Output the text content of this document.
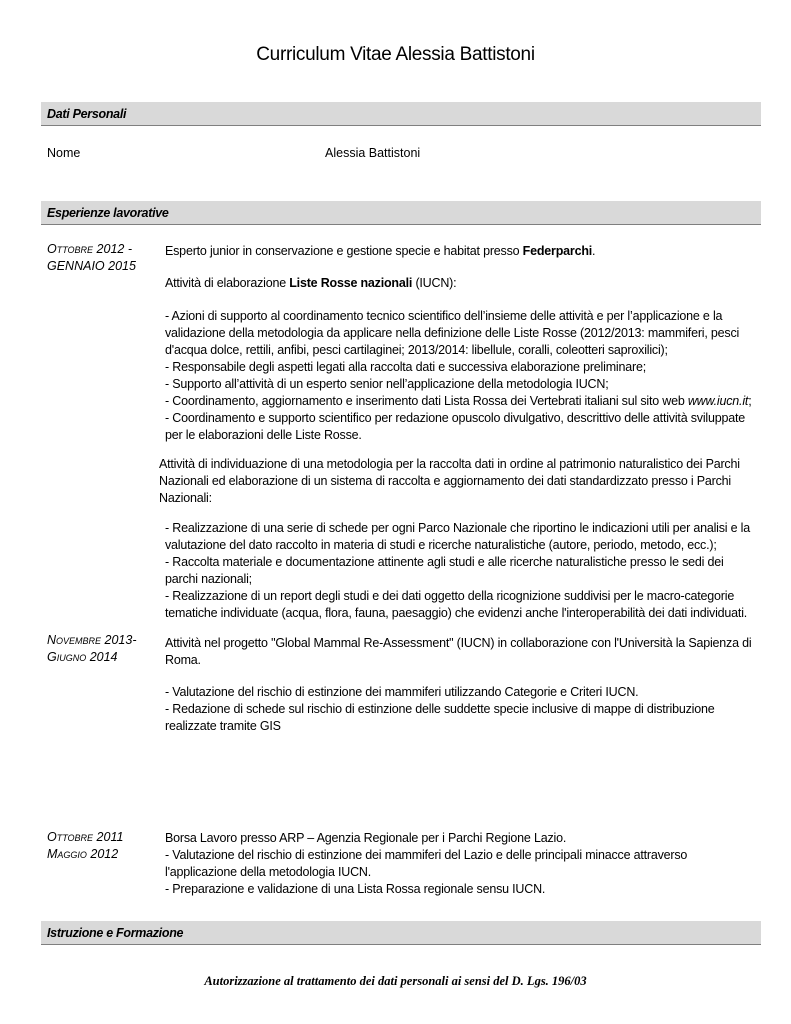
Curriculum Vitae Alessia Battistoni
Dati Personali
Nome	Alessia Battistoni
Esperienze lavorative
Ottobre 2012 -
GENNAIO 2015
Esperto junior in conservazione e gestione specie e habitat presso Federparchi.
Attività di elaborazione Liste Rosse nazionali (IUCN):

- Azioni di supporto al coordinamento tecnico scientifico dell’insieme delle attività e per l’applicazione e la validazione della metodologia da applicare nella definizione delle Liste Rosse (2012/2013: mammiferi, pesci d'acqua dolce, rettili, anfibi, pesci cartilaginei; 2013/2014: libellule, coralli, coleotteri saproxilici);

- Responsabile degli aspetti legati alla raccolta dati e successiva elaborazione preliminare;

- Supporto all’attività di un esperto senior nell’applicazione della metodologia IUCN;

- Coordinamento, aggiornamento e inserimento dati Lista Rossa dei Vertebrati italiani sul sito web www.iucn.it;

- Coordinamento e supporto scientifico per redazione opuscolo divulgativo, descrittivo delle attività sviluppate per le elaborazioni delle Liste Rosse.

Attività di individuazione di una metodologia per la raccolta dati in ordine al patrimonio naturalistico dei Parchi Nazionali ed elaborazione di un sistema di raccolta e aggiornamento dei dati standardizzato presso i Parchi Nazionali:

- Realizzazione di una serie di schede per ogni Parco Nazionale che riportino le indicazioni utili per analisi e la valutazione del dato raccolto in materia di studi e ricerche naturalistiche (autore, periodo, metodo, ecc.);

- Raccolta materiale e documentazione attinente agli studi e alle ricerche naturalistiche presso le sedi dei parchi nazionali;

- Realizzazione di un report degli studi e dei dati oggetto della ricognizione suddivisi per le macro-categorie tematiche individuate (acqua, flora, fauna, paesaggio) che evidenzi anche l'interoperabilità dei dati individuati.

Novembre 2013-
Giugno 2014
Attività nel progetto "Global Mammal Re-Assessment" (IUCN) in collaborazione con l'Università la Sapienza di Roma.

- Valutazione del rischio di estinzione dei mammiferi utilizzando Categorie e Criteri IUCN.

- Redazione di schede sul rischio di estinzione delle suddette specie inclusive di mappe di distribuzione realizzate tramite GIS

Ottobre 2011
Maggio 2012

Borsa Lavoro presso ARP – Agenzia Regionale per i Parchi Regione Lazio.

- Valutazione del rischio di estinzione dei mammiferi del Lazio e delle principali minacce attraverso l'applicazione della metodologia IUCN.

- Preparazione e validazione di una Lista Rossa regionale sensu IUCN.

Istruzione e Formazione
Autorizzazione al trattamento dei dati personali ai sensi del D. Lgs. 196/03
